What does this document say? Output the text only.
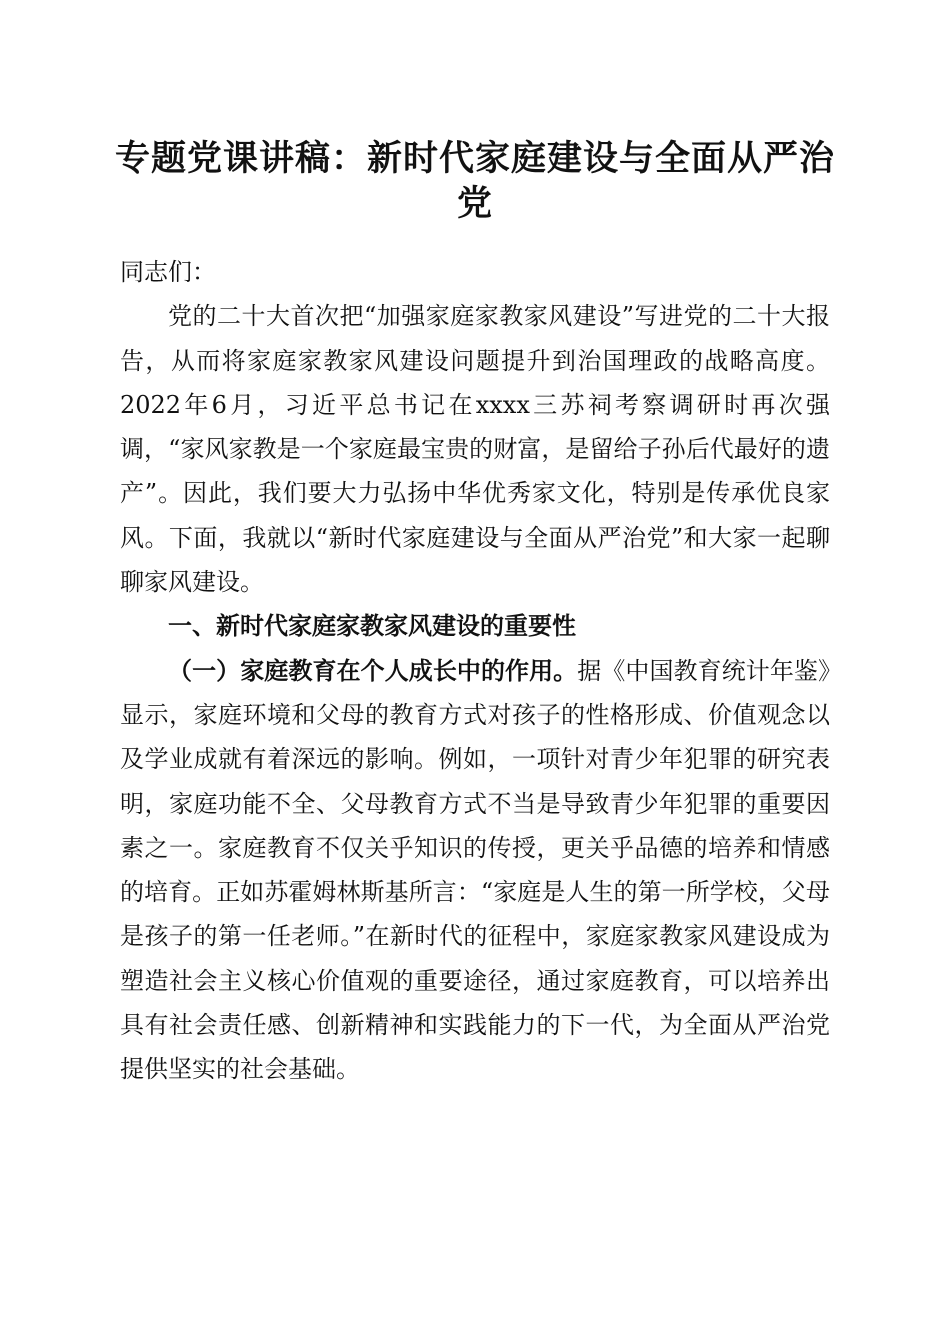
专题党课讲稿：新时代家庭建设与全面从严治党

同志们：

党的二十大首次把“加强家庭家教家风建设”写进党的二十大报告，从而将家庭家教家风建设问题提升到治国理政的战略高度。2022年6月，习近平总书记在xxxx三苏祠考察调研时再次强调，“家风家教是一个家庭最宝贵的财富，是留给子孙后代最好的遗产”。因此，我们要大力弘扬中华优秀家文化，特别是传承优良家风。下面，我就以“新时代家庭建设与全面从严治党”和大家一起聊聊家风建设。

一、新时代家庭家教家风建设的重要性

（一）家庭教育在个人成长中的作用。据《中国教育统计年鉴》显示，家庭环境和父母的教育方式对孩子的性格形成、价值观念以及学业成就有着深远的影响。例如，一项针对青少年犯罪的研究表明，家庭功能不全、父母教育方式不当是导致青少年犯罪的重要因素之一。家庭教育不仅关乎知识的传授，更关乎品德的培养和情感的培育。正如苏霍姆林斯基所言：“家庭是人生的第一所学校，父母是孩子的第一任老师。”在新时代的征程中，家庭家教家风建设成为塑造社会主义核心价值观的重要途径，通过家庭教育，可以培养出具有社会责任感、创新精神和实践能力的下一代，为全面从严治党提供坚实的社会基础。
